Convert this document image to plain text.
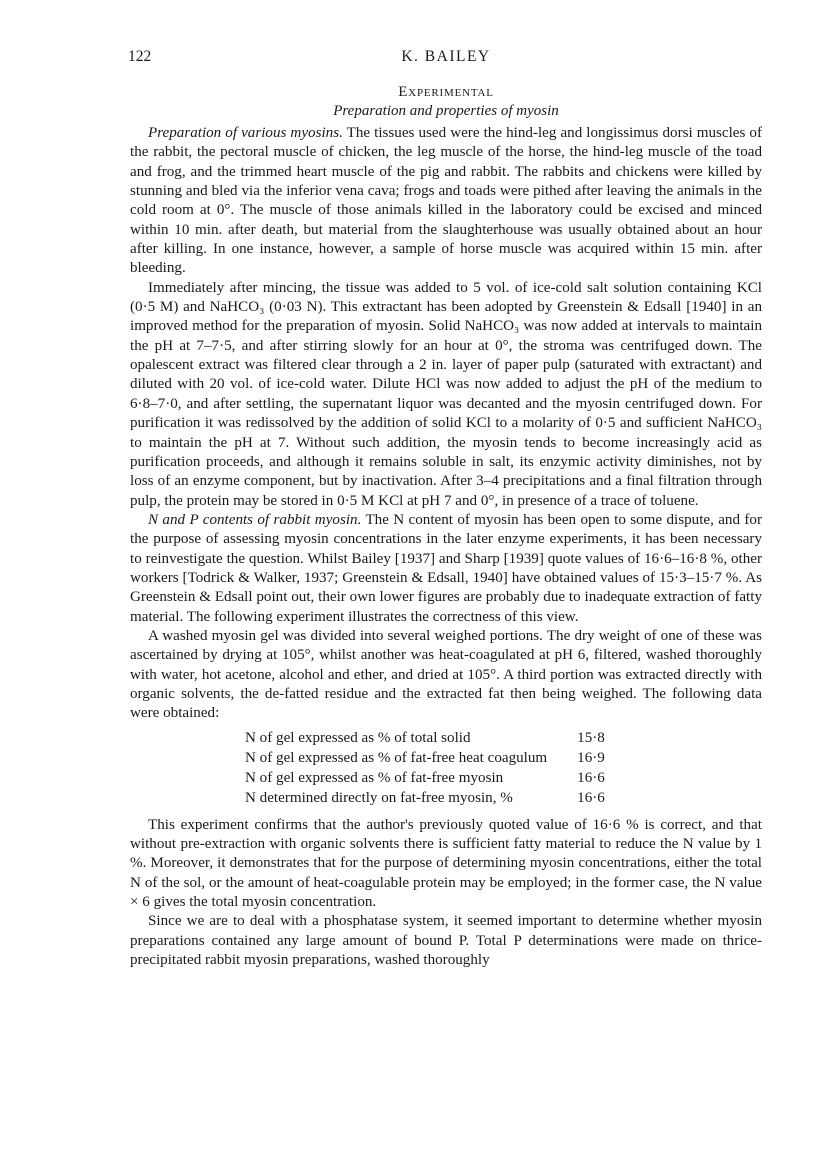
122	K. BAILEY
Experimental
Preparation and properties of myosin

Preparation of various myosins. The tissues used were the hind-leg and longissimus dorsi muscles of the rabbit, the pectoral muscle of chicken, the leg muscle of the horse, the hind-leg muscle of the toad and frog, and the trimmed heart muscle of the pig and rabbit. The rabbits and chickens were killed by stunning and bled via the inferior vena cava; frogs and toads were pithed after leaving the animals in the cold room at 0°. The muscle of those animals killed in the laboratory could be excised and minced within 10 min. after death, but material from the slaughterhouse was usually obtained about an hour after killing. In one instance, however, a sample of horse muscle was acquired within 15 min. after bleeding.

Immediately after mincing, the tissue was added to 5 vol. of ice-cold salt solution containing KCl (0·5 M) and NaHCO₃ (0·03 N). This extractant has been adopted by Greenstein & Edsall [1940] in an improved method for the preparation of myosin. Solid NaHCO₃ was now added at intervals to maintain the pH at 7–7·5, and after stirring slowly for an hour at 0°, the stroma was centrifuged down. The opalescent extract was filtered clear through a 2 in. layer of paper pulp (saturated with extractant) and diluted with 20 vol. of ice-cold water. Dilute HCl was now added to adjust the pH of the medium to 6·8–7·0, and after settling, the supernatant liquor was decanted and the myosin centrifuged down. For purification it was redissolved by the addition of solid KCl to a molarity of 0·5 and sufficient NaHCO₃ to maintain the pH at 7. Without such addition, the myosin tends to become increasingly acid as purification proceeds, and although it remains soluble in salt, its enzymic activity diminishes, not by loss of an enzyme component, but by inactivation. After 3–4 precipitations and a final filtration through pulp, the protein may be stored in 0·5 M KCl at pH 7 and 0°, in presence of a trace of toluene.

N and P contents of rabbit myosin. The N content of myosin has been open to some dispute, and for the purpose of assessing myosin concentrations in the later enzyme experiments, it has been necessary to reinvestigate the question. Whilst Bailey [1937] and Sharp [1939] quote values of 16·6–16·8 %, other workers [Todrick & Walker, 1937; Greenstein & Edsall, 1940] have obtained values of 15·3–15·7 %. As Greenstein & Edsall point out, their own lower figures are probably due to inadequate extraction of fatty material. The following experiment illustrates the correctness of this view.

A washed myosin gel was divided into several weighed portions. The dry weight of one of these was ascertained by drying at 105°, whilst another was heat-coagulated at pH 6, filtered, washed thoroughly with water, hot acetone, alcohol and ether, and dried at 105°. A third portion was extracted directly with organic solvents, the de-fatted residue and the extracted fat then being weighed. The following data were obtained:

N of gel expressed as % of total solid	15·8
N of gel expressed as % of fat-free heat coagulum	16·9
N of gel expressed as % of fat-free myosin	16·6
N determined directly on fat-free myosin, %	16·6

This experiment confirms that the author's previously quoted value of 16·6 % is correct, and that without pre-extraction with organic solvents there is sufficient fatty material to reduce the N value by 1 %. Moreover, it demonstrates that for the purpose of determining myosin concentrations, either the total N of the sol, or the amount of heat-coagulable protein may be employed; in the former case, the N value × 6 gives the total myosin concentration.

Since we are to deal with a phosphatase system, it seemed important to determine whether myosin preparations contained any large amount of bound P. Total P determinations were made on thrice-precipitated rabbit myosin preparations, washed thoroughly
